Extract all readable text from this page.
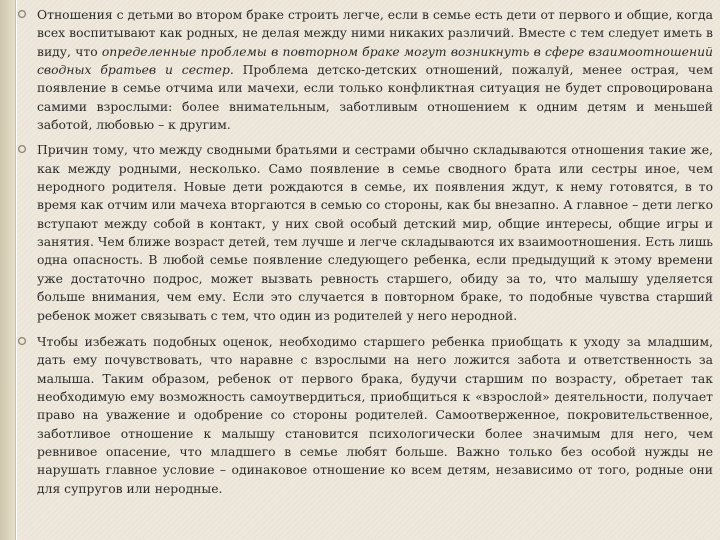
Отношения с детьми во втором браке строить легче, если в семье есть дети от первого и общие, когда всех воспитывают как родных, не делая между ними никаких различий. Вместе с тем следует иметь в виду, что определенные проблемы в повторном браке могут возникнуть в сфере взаимоотношений сводных братьев и сестер. Проблема детско-детских отношений, пожалуй, менее острая, чем появление в семье отчима или мачехи, если только конфликтная ситуация не будет спровоцирована самими взрослыми: более внимательным, заботливым отношением к одним детям и меньшей заботой, любовью – к другим.
Причин тому, что между сводными братьями и сестрами обычно складываются отношения такие же, как между родными, несколько. Само появление в семье сводного брата или сестры иное, чем неродного родителя. Новые дети рождаются в семье, их появления ждут, к нему готовятся, в то время как отчим или мачеха вторгаются в семью со стороны, как бы внезапно. А главное – дети легко вступают между собой в контакт, у них свой особый детский мир, общие интересы, общие игры и занятия. Чем ближе возраст детей, тем лучше и легче складываются их взаимоотношения. Есть лишь одна опасность. В любой семье появление следующего ребенка, если предыдущий к этому времени уже достаточно подрос, может вызвать ревность старшего, обиду за то, что малышу уделяется больше внимания, чем ему. Если это случается в повторном браке, то подобные чувства старший ребенок может связывать с тем, что один из родителей у него неродной.
Чтобы избежать подобных оценок, необходимо старшего ребенка приобщать к уходу за младшим, дать ему почувствовать, что наравне с взрослыми на него ложится забота и ответственность за малыша. Таким образом, ребенок от первого брака, будучи старшим по возрасту, обретает так необходимую ему возможность самоутвердиться, приобщиться к «взрослой» деятельности, получает право на уважение и одобрение со стороны родителей. Самоотверженное, покровительственное, заботливое отношение к малышу становится психологически более значимым для него, чем ревнивое опасение, что младшего в семье любят больше. Важно только без особой нужды не нарушать главное условие – одинаковое отношение ко всем детям, независимо от того, родные они для супругов или неродные.
